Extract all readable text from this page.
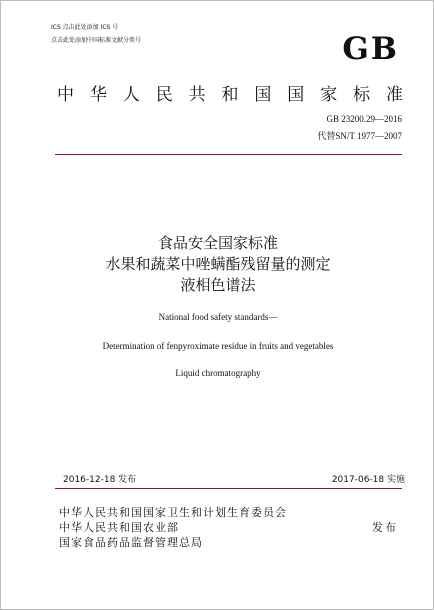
ICS 点击此处添加 ICS 号
点击此处添加中国标准文献分类号	GB
中华人民共和国国家标准
GB 23200.29—2016
代替SN/T 1977—2007
食品安全国家标准
水果和蔬菜中唑螨酯残留量的测定
液相色谱法
National food safety standards—
Determination of fenpyroximate residue in fruits and vegetables
Liquid chromatography
2016-12-18 发布	2017-06-18 实施
中华人民共和国国家卫生和计划生育委员会
中华人民共和国农业部
国家食品药品监督管理总局
发布
